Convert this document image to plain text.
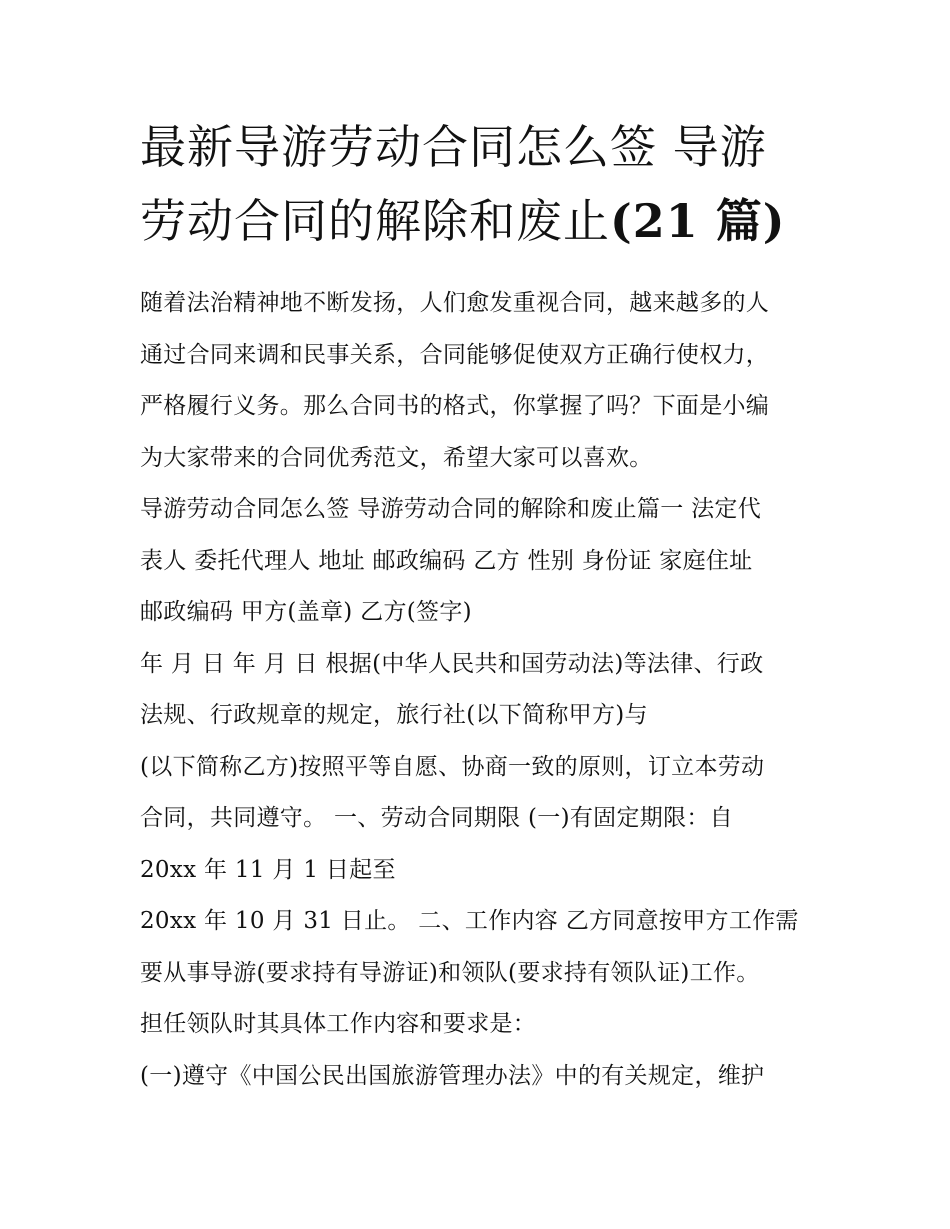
最新导游劳动合同怎么签 导游
劳动合同的解除和废止(21 篇)
随着法治精神地不断发扬，人们愈发重视合同，越来越多的人
通过合同来调和民事关系，合同能够促使双方正确行使权力，
严格履行义务。那么合同书的格式，你掌握了吗？下面是小编
为大家带来的合同优秀范文，希望大家可以喜欢。
导游劳动合同怎么签 导游劳动合同的解除和废止篇一 法定代
表人 委托代理人 地址 邮政编码 乙方 性别 身份证 家庭住址
邮政编码 甲方(盖章) 乙方(签字)
年 月 日 年 月 日 根据(中华人民共和国劳动法)等法律、行政
法规、行政规章的规定，旅行社(以下简称甲方)与
(以下简称乙方)按照平等自愿、协商一致的原则，订立本劳动
合同，共同遵守。 一、劳动合同期限 (一)有固定期限：自
20xx 年 11 月 1 日起至
20xx 年 10 月 31 日止。 二、工作内容 乙方同意按甲方工作需
要从事导游(要求持有导游证)和领队(要求持有领队证)工作。
担任领队时其具体工作内容和要求是：
(一)遵守《中国公民出国旅游管理办法》中的有关规定，维护
